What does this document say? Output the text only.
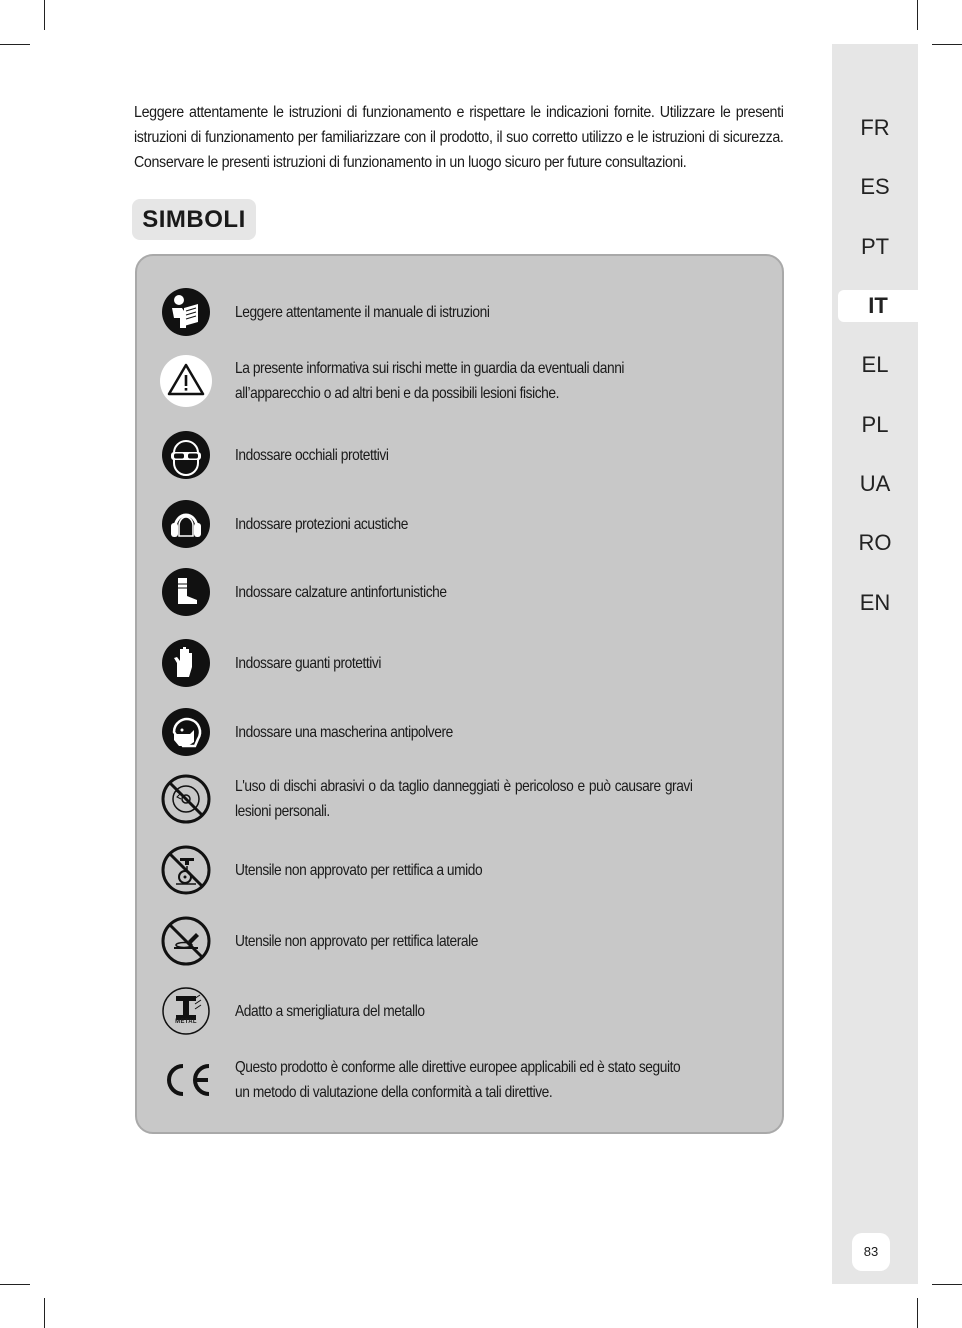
Leggere attentamente le istruzioni di funzionamento e rispettare le indicazioni fornite. Utilizzare le presenti istruzioni di funzionamento per familiarizzare con il prodotto, il suo corretto utilizzo e le istruzioni di sicurezza. Conservare le presenti istruzioni di funzionamento in un luogo sicuro per future consultazioni.
SIMBOLI
Leggere attentamente il manuale di istruzioni
La presente informativa sui rischi mette in guardia da eventuali danni all’apparecchio o ad altri beni e da possibili lesioni fisiche.
Indossare occhiali protettivi
Indossare protezioni acustiche
Indossare calzature antinfortunistiche
Indossare guanti protettivi
Indossare una mascherina antipolvere
L'uso di dischi abrasivi o da taglio danneggiati è pericoloso e può causare gravi lesioni personali.
Utensile non approvato per rettifica a umido
Utensile non approvato per rettifica laterale
METAL
Adatto a smerigliatura del metallo
Questo prodotto è conforme alle direttive europee applicabili ed è stato seguito un metodo di valutazione della conformità a tali direttive.
FR
ES
PT
IT
EL
PL
UA
RO
EN
83
